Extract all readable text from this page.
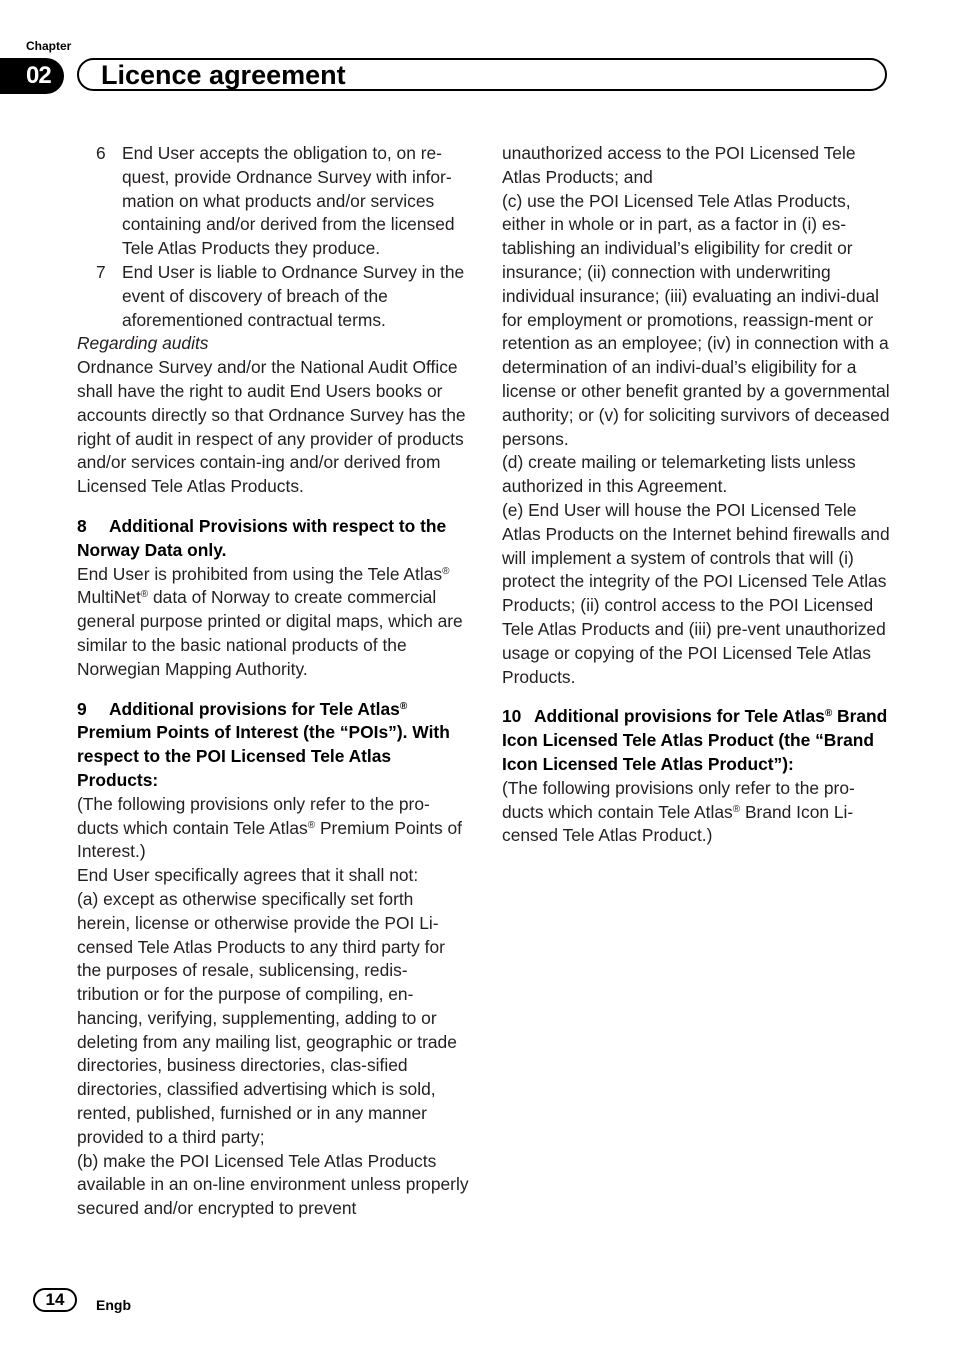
Chapter
02	Licence agreement
6 End User accepts the obligation to, on re-quest, provide Ordnance Survey with infor-mation on what products and/or services containing and/or derived from the licensed Tele Atlas Products they produce.
7 End User is liable to Ordnance Survey in the event of discovery of breach of the aforementioned contractual terms.

Regarding audits

Ordnance Survey and/or the National Audit Office shall have the right to audit End Users books or accounts directly so that Ordnance Survey has the right of audit in respect of any provider of products and/or services contain-ing and/or derived from Licensed Tele Atlas Products.

8 Additional Provisions with respect to the Norway Data only.

End User is prohibited from using the Tele Atlas® MultiNet® data of Norway to create commercial general purpose printed or digital maps, which are similar to the basic national products of the Norwegian Mapping Authority.

9 Additional provisions for Tele Atlas® Premium Points of Interest (the “POIs”). With respect to the POI Licensed Tele Atlas Products:

(The following provisions only refer to the pro-ducts which contain Tele Atlas® Premium Points of Interest.)

End User specifically agrees that it shall not:

(a) except as otherwise specifically set forth herein, license or otherwise provide the POI Li-censed Tele Atlas Products to any third party for the purposes of resale, sublicensing, redis-tribution or for the purpose of compiling, en-hancing, verifying, supplementing, adding to or deleting from any mailing list, geographic or trade directories, business directories, clas-sified directories, classified advertising which is sold, rented, published, furnished or in any manner provided to a third party;

(b) make the POI Licensed Tele Atlas Products available in an on-line environment unless properly secured and/or encrypted to prevent

unauthorized access to the POI Licensed Tele Atlas Products; and

(c) use the POI Licensed Tele Atlas Products, either in whole or in part, as a factor in (i) es-tablishing an individual’s eligibility for credit or insurance; (ii) connection with underwriting individual insurance; (iii) evaluating an indivi-dual for employment or promotions, reassign-ment or retention as an employee; (iv) in connection with a determination of an indivi-dual’s eligibility for a license or other benefit granted by a governmental authority; or (v) for soliciting survivors of deceased persons.

(d) create mailing or telemarketing lists unless authorized in this Agreement.

(e) End User will house the POI Licensed Tele Atlas Products on the Internet behind firewalls and will implement a system of controls that will (i) protect the integrity of the POI Licensed Tele Atlas Products; (ii) control access to the POI Licensed Tele Atlas Products and (iii) pre-vent unauthorized usage or copying of the POI Licensed Tele Atlas Products.

10 Additional provisions for Tele Atlas® Brand Icon Licensed Tele Atlas Product (the “Brand Icon Licensed Tele Atlas Product”):

(The following provisions only refer to the pro-ducts which contain Tele Atlas® Brand Icon Li-censed Tele Atlas Product.)

14	Engb
